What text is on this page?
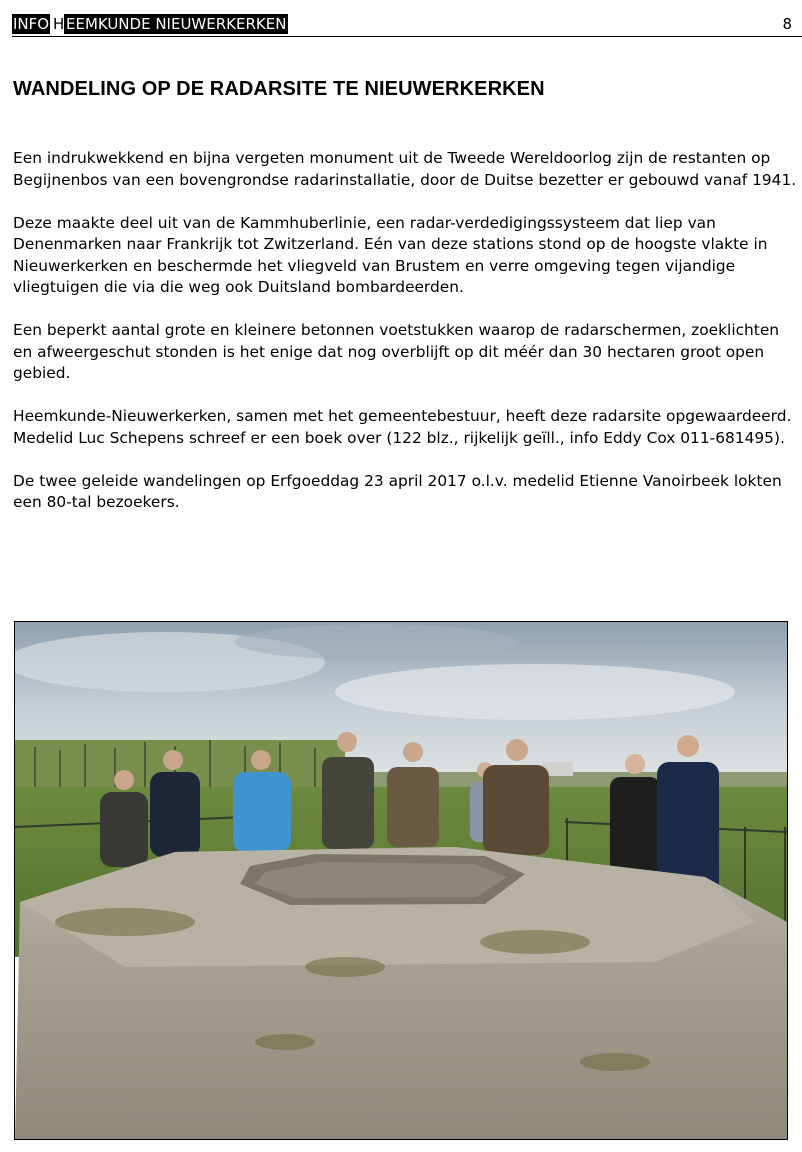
INFO H EEMKUNDE NIEUWERKERKEN	8
WANDELING OP DE RADARSITE TE NIEUWERKERKEN

Een indrukwekkend en bijna vergeten monument uit de Tweede Wereldoorlog zijn de restanten op
Begijnenbos van een bovengrondse radarinstallatie, door de Duitse bezetter er gebouwd vanaf 1941.

Deze maakte deel uit van de Kammhuberlinie, een radar-verdedigingssysteem dat liep van
Denenmarken naar Frankrijk tot Zwitzerland. Eén van deze stations stond op de hoogste vlakte in
Nieuwerkerken en beschermde het vliegveld van Brustem en verre omgeving tegen vijandige
vliegtuigen die via die weg ook Duitsland bombardeerden.

Een beperkt aantal grote en kleinere betonnen voetstukken waarop de radarschermen, zoeklichten
en afweergeschut stonden is het enige dat nog overblijft op dit méér dan 30 hectaren groot open
gebied.

Heemkunde-Nieuwerkerken, samen met het gemeentebestuur, heeft deze radarsite opgewaardeerd.
Medelid Luc Schepens schreef er een boek over (122 blz., rijkelijk geïll., info Eddy Cox 011-681495).

De twee geleide wandelingen op Erfgoeddag 23 april 2017 o.l.v. medelid Etienne Vanoirbeek lokten
een 80-tal bezoekers.
